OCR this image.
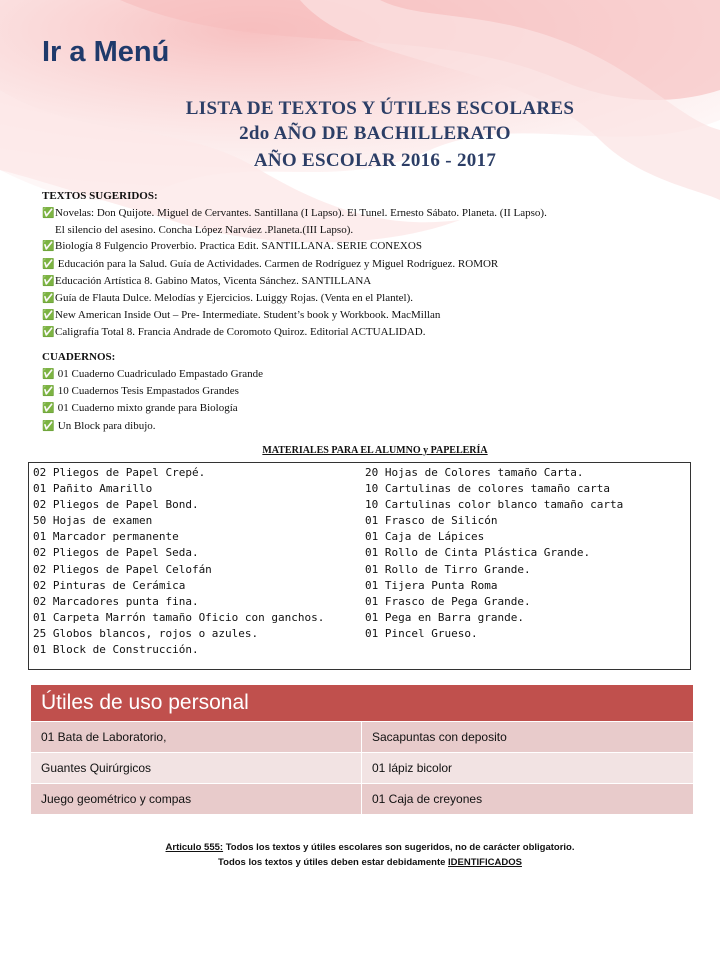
Ir a Menú
LISTA DE TEXTOS Y ÚTILES ESCOLARES
2do AÑO DE BACHILLERATO
AÑO ESCOLAR 2016 - 2017
TEXTOS SUGERIDOS:
✅Novelas: Don Quijote. Miguel de Cervantes. Santillana (I Lapso). El Tunel. Ernesto Sábato. Planeta. (II Lapso).
El silencio del asesino. Concha López Narváez .Planeta.(III Lapso).
✅Biología 8 Fulgencio Proverbio. Practica Edit. SANTILLANA. SERIE CONEXOS
✅ Educación para la Salud. Guía de Actividades. Carmen de Rodríguez y Miguel Rodríguez. ROMOR
✅Educación Artística 8. Gabino Matos, Vicenta Sánchez. SANTILLANA
✅Guía de Flauta Dulce. Melodías y Ejercicios. Luiggy Rojas. (Venta en el Plantel).
✅New American Inside Out – Pre- Intermediate. Student’s book y Workbook. MacMillan
✅Caligrafía Total 8. Francia Andrade de Coromoto Quiroz. Editorial ACTUALIDAD.
CUADERNOS:
✅ 01 Cuaderno Cuadriculado Empastado Grande
✅ 10 Cuadernos Tesis Empastados Grandes
✅ 01 Cuaderno mixto grande para Biología
✅ Un Block para dibujo.
MATERIALES PARA EL ALUMNO y PAPELERÍA
02 Pliegos de Papel Crepé.
01 Pañito Amarillo
02 Pliegos de Papel Bond.
50 Hojas de examen
01 Marcador permanente
02 Pliegos de Papel Seda.
02 Pliegos de Papel Celofán
02 Pinturas de Cerámica
02 Marcadores punta fina.
01 Carpeta Marrón tamaño Oficio con ganchos.
25 Globos blancos, rojos o azules.
01 Block de Construcción.
20 Hojas de Colores tamaño Carta.
10 Cartulinas de colores tamaño carta
10 Cartulinas color blanco tamaño carta
01 Frasco de Silicón
01 Caja de Lápices
01 Rollo de Cinta Plástica Grande.
01 Rollo de Tirro Grande.
01 Tijera Punta Roma
01 Frasco de Pega Grande.
01 Pega en Barra grande.
01 Pincel Grueso.
Útiles de uso personal	
01 Bata de Laboratorio,	Sacapuntas con deposito
Guantes Quirúrgicos	01 lápiz bicolor
Juego geométrico y compas	01 Caja de creyones
Articulo 555: Todos los textos y útiles escolares son sugeridos, no de carácter obligatorio.
Todos los textos y útiles deben estar debidamente IDENTIFICADOS
